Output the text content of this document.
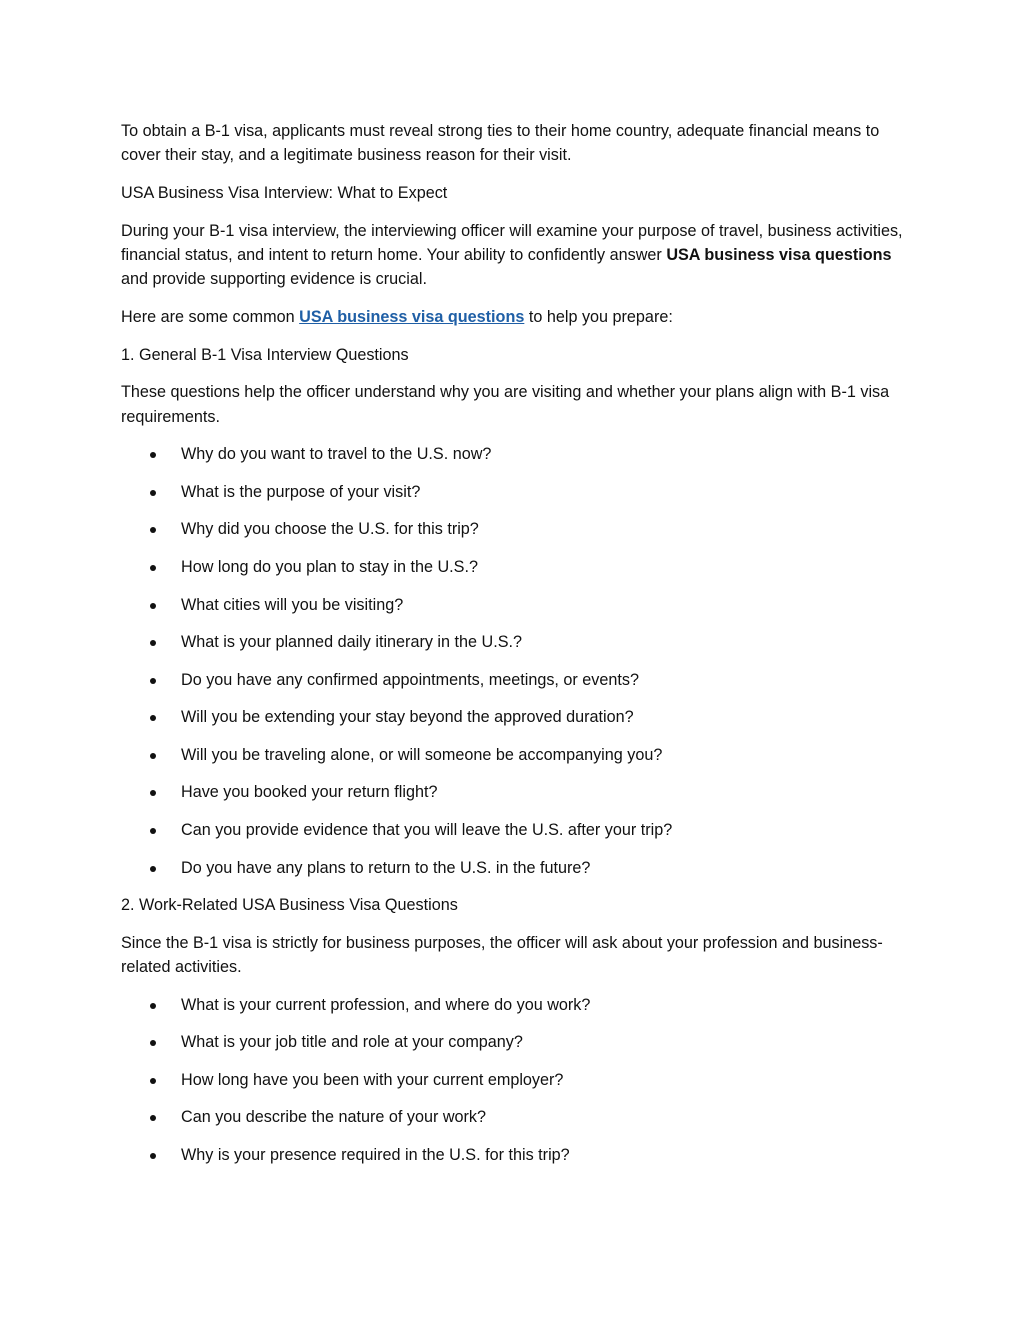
To obtain a B-1 visa, applicants must reveal strong ties to their home country, adequate financial means to cover their stay, and a legitimate business reason for their visit.

USA Business Visa Interview: What to Expect

During your B-1 visa interview, the interviewing officer will examine your purpose of travel, business activities, financial status, and intent to return home. Your ability to confidently answer USA business visa questions and provide supporting evidence is crucial.

Here are some common USA business visa questions to help you prepare:

1. General B-1 Visa Interview Questions

These questions help the officer understand why you are visiting and whether your plans align with B-1 visa requirements.

Why do you want to travel to the U.S. now?
What is the purpose of your visit?
Why did you choose the U.S. for this trip?
How long do you plan to stay in the U.S.?
What cities will you be visiting?
What is your planned daily itinerary in the U.S.?
Do you have any confirmed appointments, meetings, or events?
Will you be extending your stay beyond the approved duration?
Will you be traveling alone, or will someone be accompanying you?
Have you booked your return flight?
Can you provide evidence that you will leave the U.S. after your trip?
Do you have any plans to return to the U.S. in the future?

2. Work-Related USA Business Visa Questions

Since the B-1 visa is strictly for business purposes, the officer will ask about your profession and business-related activities.

What is your current profession, and where do you work?
What is your job title and role at your company?
How long have you been with your current employer?
Can you describe the nature of your work?
Why is your presence required in the U.S. for this trip?
